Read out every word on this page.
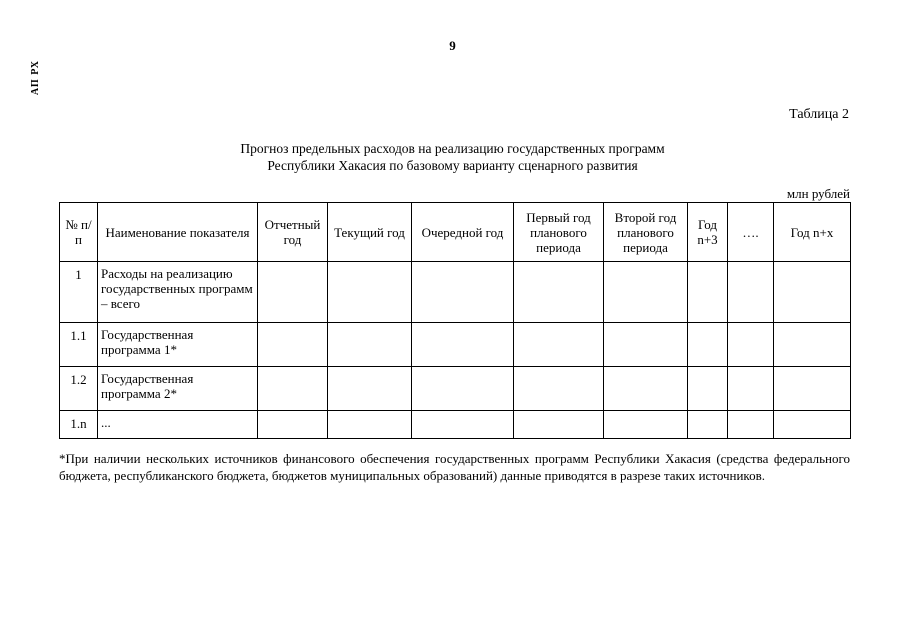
9
АП РХ
Таблица 2
Прогноз предельных расходов на реализацию государственных программ
Республики Хакасия по базовому варианту сценарного развития
млн рублей
№ п/п	Наименование показателя	Отчетный год	Текущий год	Очередной год	Первый год планового периода	Второй год планового периода	Год n+3	….	Год n+x
1	Расходы на реализацию государственных программ – всего								
1.1	Государственная программа 1*								
1.2	Государственная программа 2*								
1.n	...								
*При наличии нескольких источников финансового обеспечения государственных программ Республики Хакасия (средства федерального бюджета, республиканского бюджета, бюджетов муниципальных образований) данные приводятся в разрезе таких источников.
